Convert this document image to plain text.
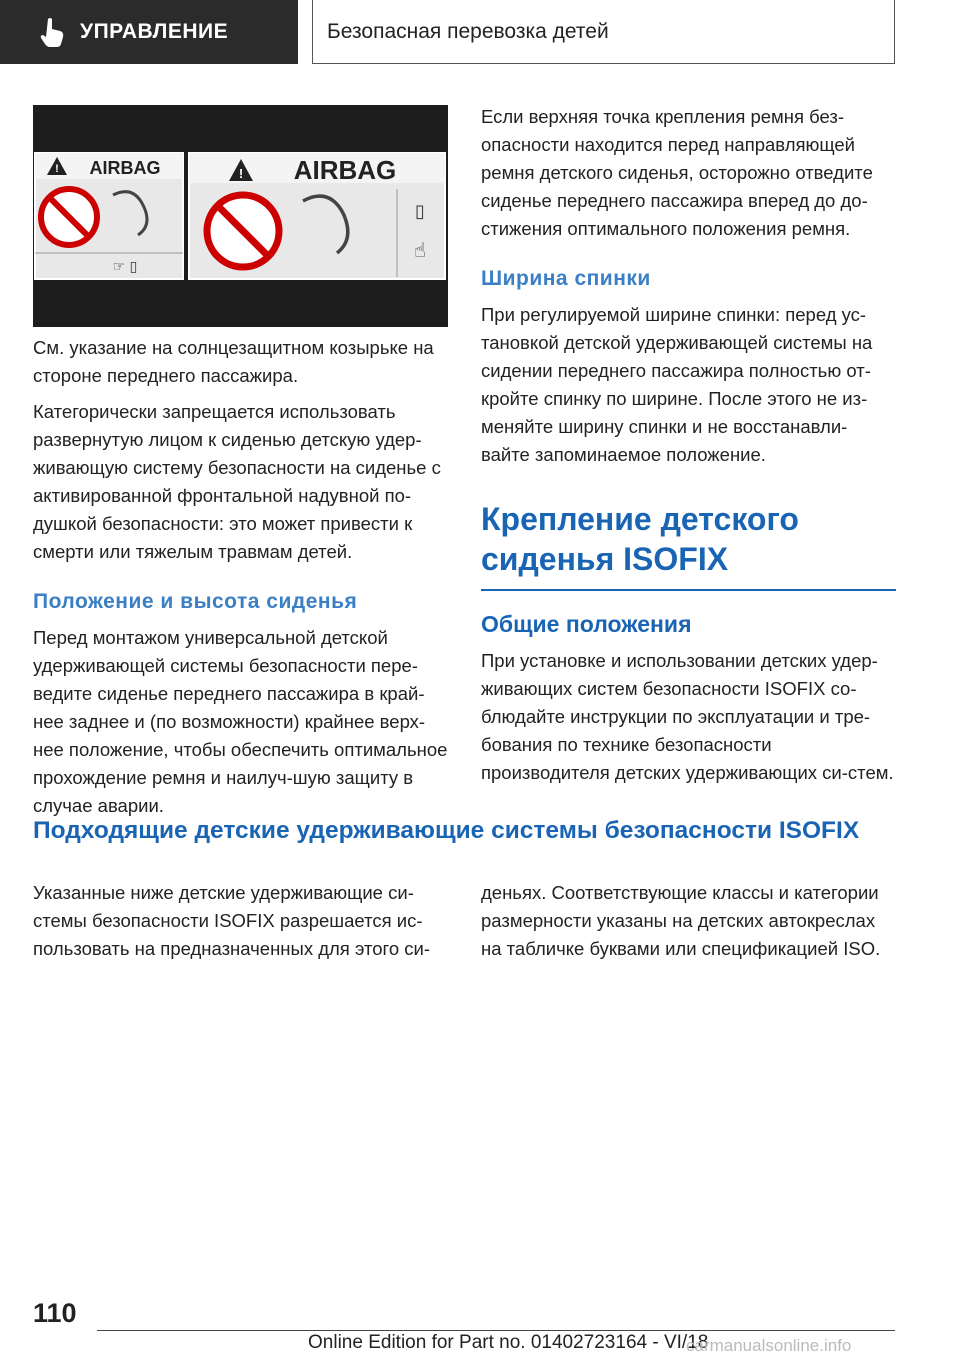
УПРАВЛЕНИЕ	Безопасная перевозка детей
! AIRBAG
☞ ▯
! AIRBAG
▯
☝

См. указание на солнцезащитном козырьке на стороне переднего пассажира.

Категорически запрещается использовать развернутую лицом к сиденью детскую удер-живающую систему безопасности на сиденье с активированной фронтальной надувной по-душкой безопасности: это может привести к смерти или тяжелым травмам детей.

Положение и высота сиденья

Перед монтажом универсальной детской удерживающей системы безопасности пере-ведите сиденье переднего пассажира в край-нее заднее и (по возможности) крайнее верх-нее положение, чтобы обеспечить оптимальное прохождение ремня и наилуч-шую защиту в случае аварии.

Если верхняя точка крепления ремня без-опасности находится перед направляющей ремня детского сиденья, осторожно отведите сиденье переднего пассажира вперед до до-стижения оптимального положения ремня.

Ширина спинки

При регулируемой ширине спинки: перед ус-тановкой детской удерживающей системы на сидении переднего пассажира полностью от-кройте спинку по ширине. После этого не из-меняйте ширину спинки и не восстанавли-вайте запоминаемое положение.

Крепление детского сиденья ISOFIX
Общие положения

При установке и использовании детских удер-живающих систем безопасности ISOFIX со-блюдайте инструкции по эксплуатации и тре-бования по технике безопасности производителя детских удерживающих си-стем.

Подходящие детские удерживающие системы безопасности ISOFIX
Указанные ниже детские удерживающие си-стемы безопасности ISOFIX разрешается ис-пользовать на предназначенных для этого си-
деньях. Соответствующие классы и категории размерности указаны на детских автокреслах на табличке буквами или спецификацией ISO.
110
Online Edition for Part no. 01402723164 - VI/18
carmanualsonline.info
